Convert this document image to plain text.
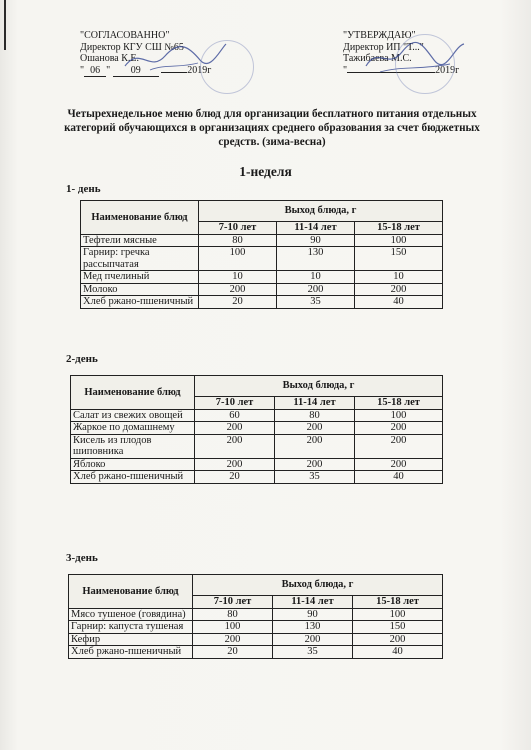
"СОГЛАСОВАННО"
Директор КГУ СШ №65
Ошанова К.Е.
" 06 " 09	2019г
"УТВЕРЖДАЮ"
Директор ИП "Т..."
Тажибаева М.С.
"	2019г
Четырехнедельное меню блюд для организации бесплатного питания отдельных категорий обучающихся в организациях среднего образования за счет бюджетных средств. (зима-весна)
1-неделя
1- день
Наименование блюд	Выход блюда, г		
	7-10 лет	11-14 лет	15-18 лет
Тефтели мясные	80	90	100
Гарнир: гречка рассыпчатая	100	130	150
Мед пчелиный	10	10	10
Молоко	200	200	200
Хлеб ржано-пшеничный	20	35	40
2-день
Наименование блюд	Выход блюда, г		
	7-10 лет	11-14 лет	15-18 лет
Салат из свежих овощей	60	80	100
Жаркое по домашнему	200	200	200
Кисель из плодов шиповника	200	200	200
Яблоко	200	200	200
Хлеб ржано-пшеничный	20	35	40
3-день
Наименование блюд	Выход блюда, г		
	7-10 лет	11-14 лет	15-18 лет
Мясо тушеное (говядина)	80	90	100
Гарнир: капуста тушеная	100	130	150
Кефир	200	200	200
Хлеб ржано-пшеничный	20	35	40
